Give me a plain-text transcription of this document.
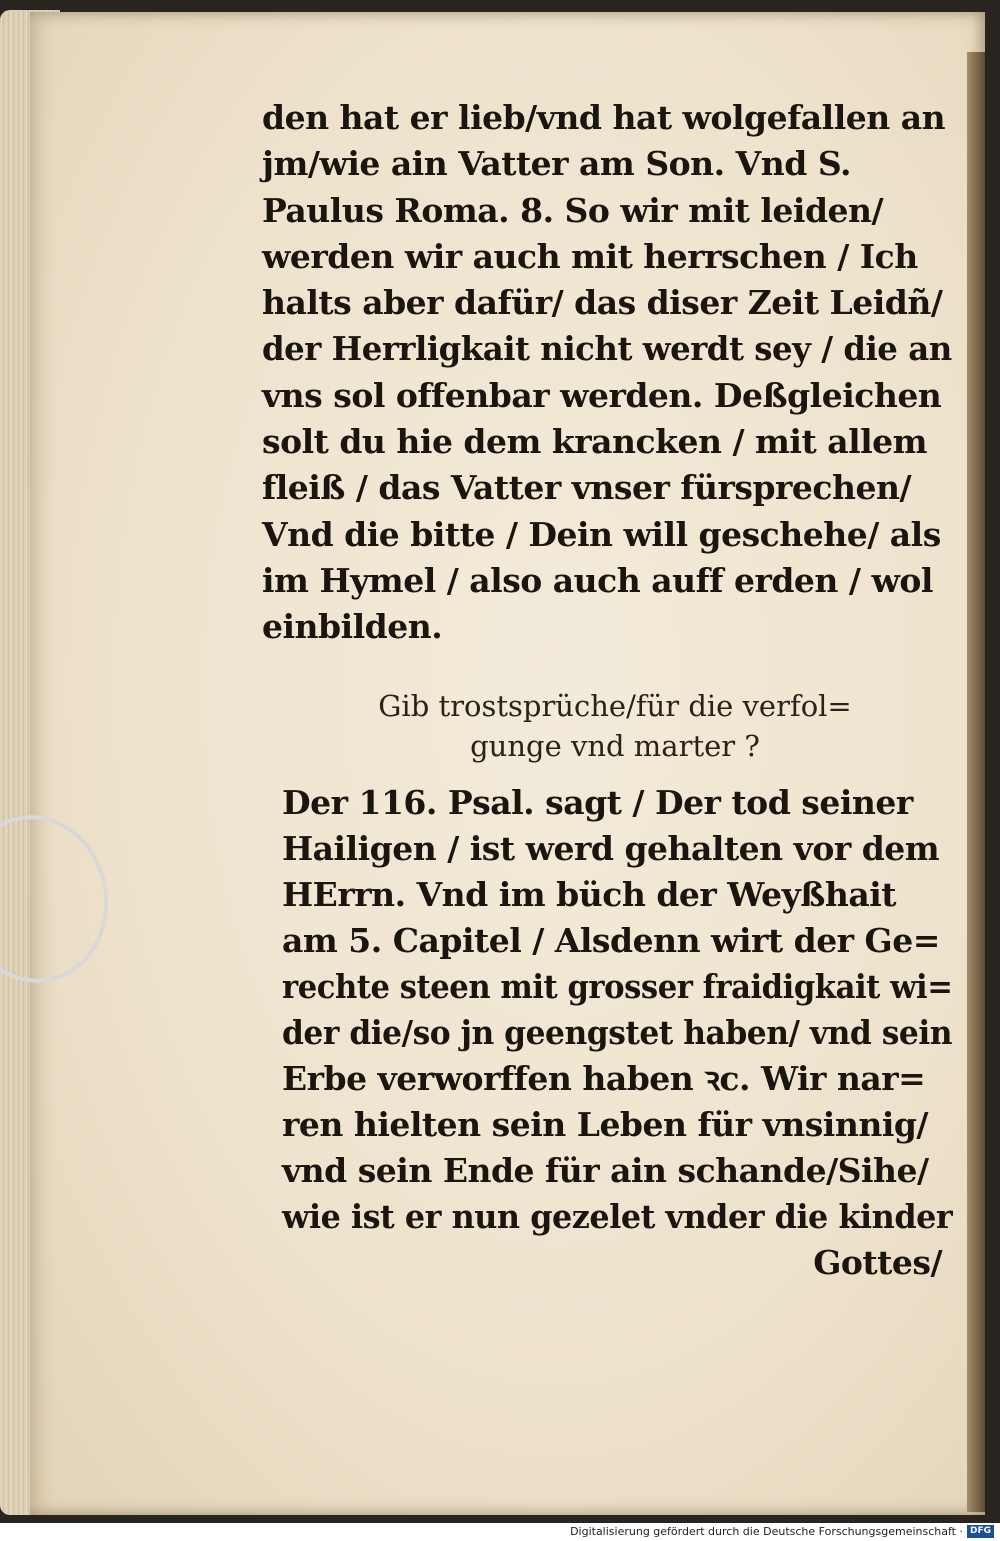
den hat er lieb/vnd hat wolgefallen an
jm/wie ain Vatter am Son. Vnd S.
Paulus Roma. 8. So wir mit leiden/
werden wir auch mit herrschen / Ich
halts aber dafür/ das diser Zeit Leidñ/
der Herrligkait nicht werdt sey / die an
vns sol offenbar werden. Deßgleichen
solt du hie dem krancken / mit allem
fleiß / das Vatter vnser fürsprechen/
Vnd die bitte / Dein will geschehe/ als
im Hymel / also auch auff erden / wol
einbilden.
Gib trostsprüche/für die verfol=
gunge vnd marter ?
Der 116. Psal. sagt / Der tod seiner
Hailigen / ist werd gehalten vor dem
HErrn. Vnd im büch der Weyßhait
am 5. Capitel / Alsdenn wirt der Ge=
rechte steen mit grosser fraidigkait wi=
der die/so jn geengstet haben/ vnd sein
Erbe verworffen haben ꝛc. Wir nar=
ren hielten sein Leben für vnsinnig/
vnd sein Ende für ain schande/Sihe/
wie ist er nun gezelet vnder die kinder
Gottes/
Digitalisierung gefördert durch die Deutsche Forschungsgemeinschaft · DFG
